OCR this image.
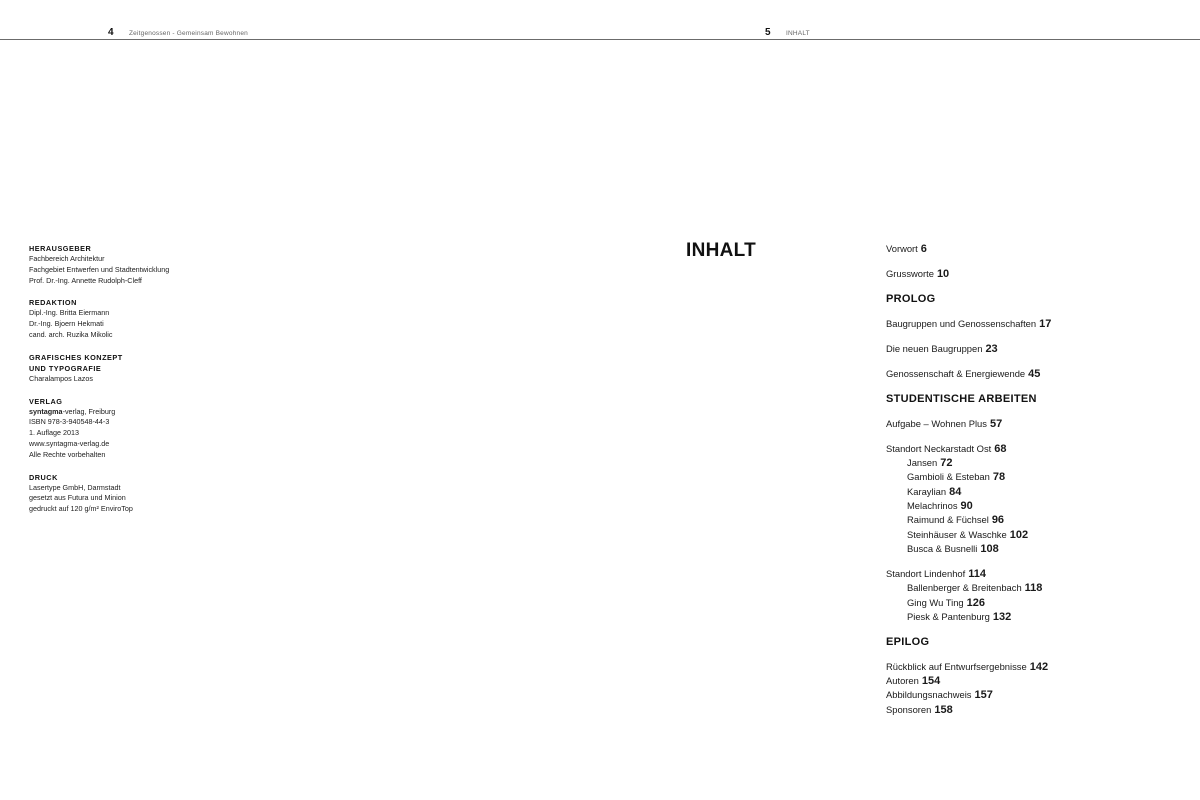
4 Zeitgenossen - Gemeinsam Bewohnen	5 INHALT
HERAUSGEBER
Fachbereich Architektur
Fachgebiet Entwerfen und Stadtentwicklung
Prof. Dr.-Ing. Annette Rudolph-Cleff
REDAKTION
Dipl.-Ing. Britta Eiermann
Dr.-Ing. Bjoern Hekmati
cand. arch. Ruzika Mikolic
GRAFISCHES KONZEPT
UND TYPOGRAFIE
Charalampos Lazos
VERLAG
syntagma-verlag, Freiburg
ISBN 978-3-940548-44-3
1. Auflage 2013
www.syntagma-verlag.de
Alle Rechte vorbehalten
DRUCK
Lasertype GmbH, Darmstadt
gesetzt aus Futura und Minion
gedruckt auf 120 g/m² EnviroTop
INHALT	Vorwort 6
Grussworte 10
PROLOG
Baugruppen und Genossenschaften 17
Die neuen Baugruppen 23
Genossenschaft & Energiewende 45
STUDENTISCHE ARBEITEN
Aufgabe – Wohnen Plus 57
Standort Neckarstadt Ost 68
Jansen 72
Gambioli & Esteban 78
Karaylian 84
Melachrinos 90
Raimund & Füchsel 96
Steinhäuser & Waschke 102
Busca & Busnelli 108
Standort Lindenhof 114
Ballenberger & Breitenbach 118
Ging Wu Ting 126
Piesk & Pantenburg 132
EPILOG
Rückblick auf Entwurfsergebnisse 142
Autoren 154
Abbildungsnachweis 157
Sponsoren 158
